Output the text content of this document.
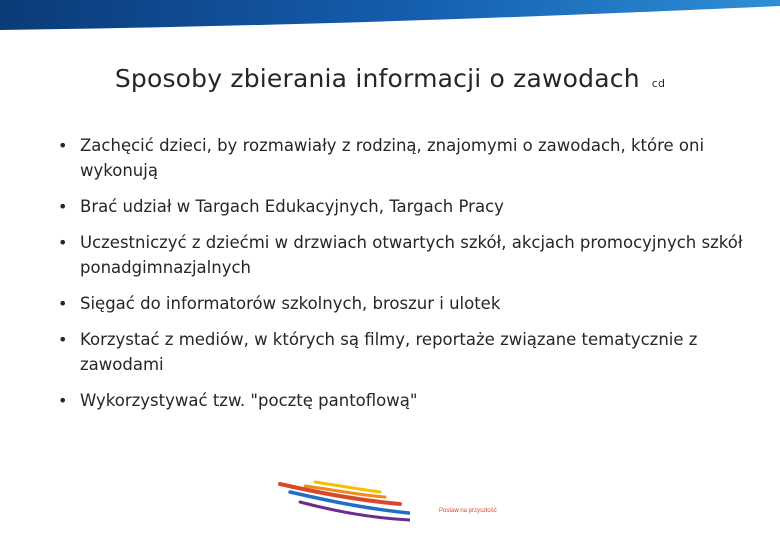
Sposoby zbierania informacji o zawodach cd
• Zachęcić dzieci, by rozmawiały z rodziną, znajomymi o zawodach, które oni wykonują
• Brać udział w Targach Edukacyjnych, Targach Pracy
• Uczestniczyć z dziećmi w drzwiach otwartych szkół, akcjach promocyjnych szkół ponadgimnazjalnych
• Sięgać do informatorów szkolnych, broszur i ulotek
• Korzystać z mediów, w których są filmy, reportaże związane tematycznie z zawodami
• Wykorzystywać tzw. "pocztę pantoflową"
Postaw na przyszłość
